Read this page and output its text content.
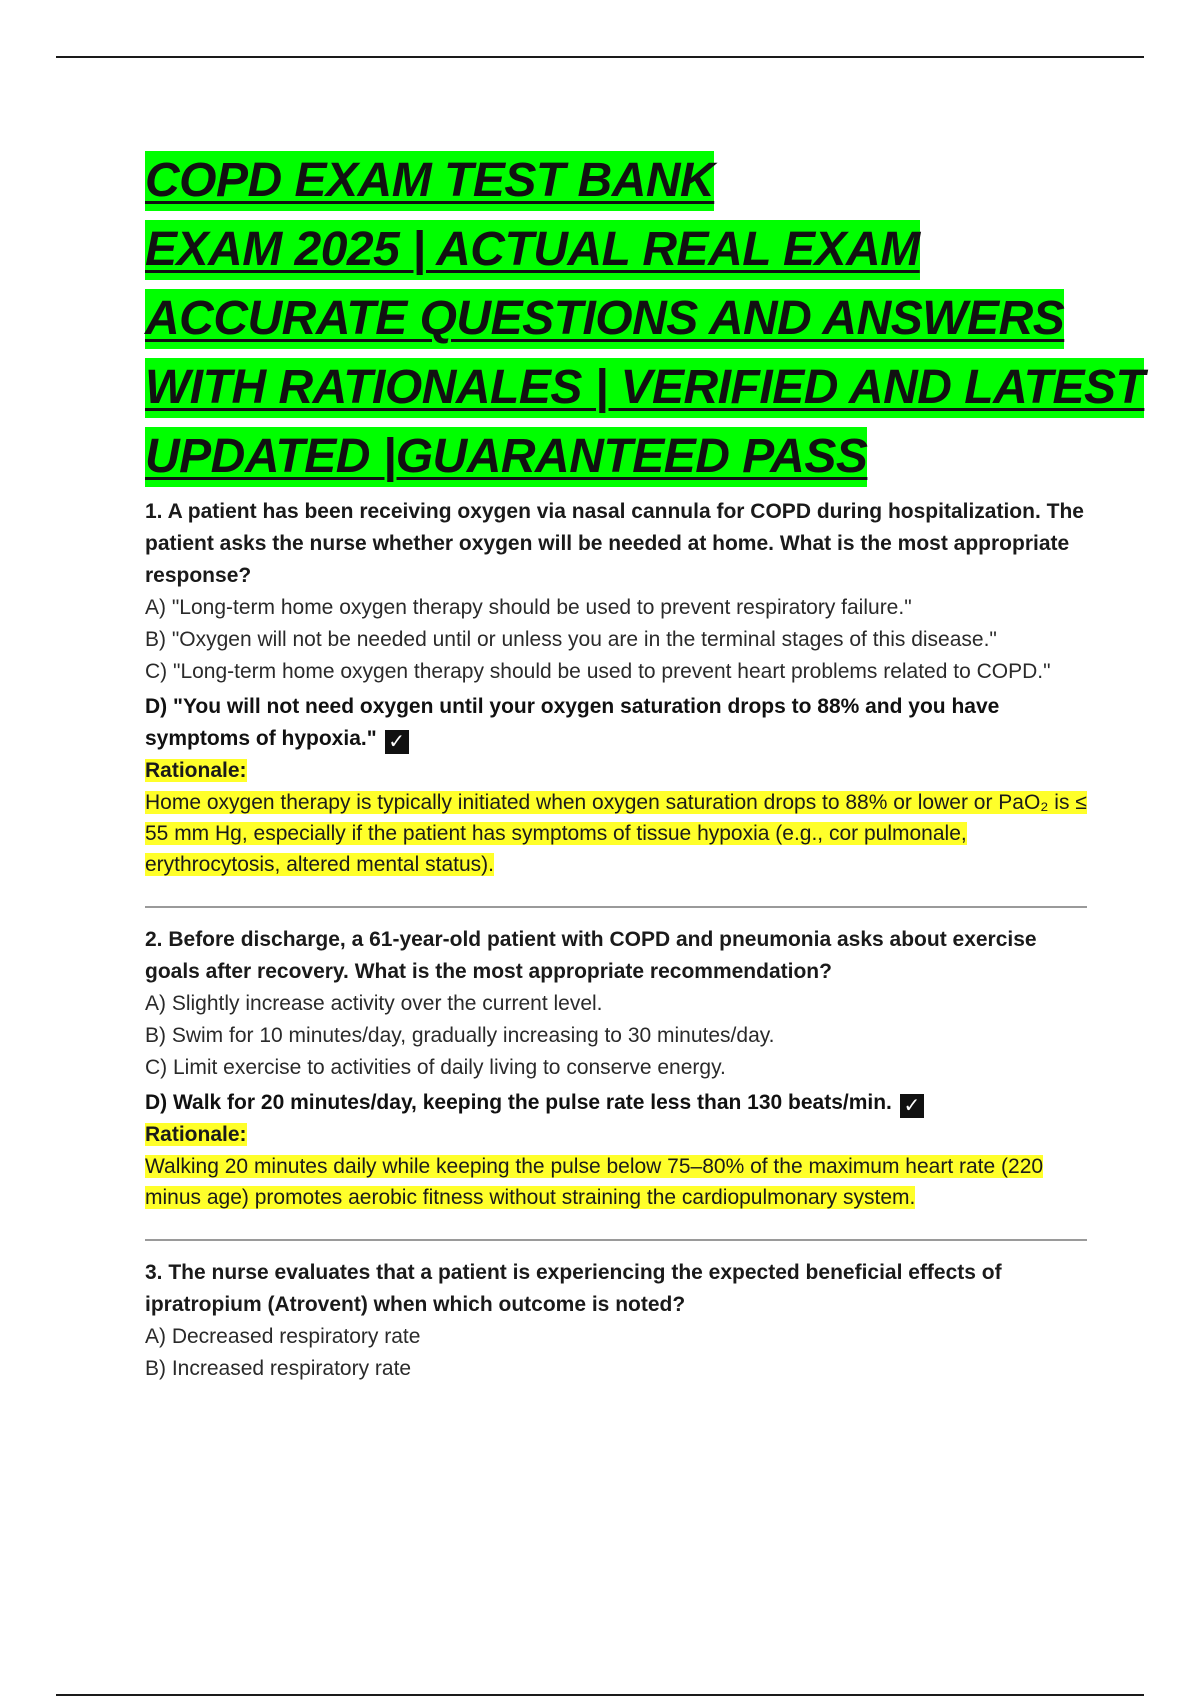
COPD EXAM TEST BANK
EXAM 2025 | ACTUAL REAL EXAM
ACCURATE QUESTIONS AND ANSWERS
WITH RATIONALES | VERIFIED AND LATEST
UPDATED |GUARANTEED PASS

1. A patient has been receiving oxygen via nasal cannula for COPD during hospitalization. The patient asks the nurse whether oxygen will be needed at home. What is the most appropriate response?

A) "Long-term home oxygen therapy should be used to prevent respiratory failure."

B) "Oxygen will not be needed until or unless you are in the terminal stages of this disease."

C) "Long-term home oxygen therapy should be used to prevent heart problems related to COPD."

D) "You will not need oxygen until your oxygen saturation drops to 88% and you have symptoms of hypoxia." ✓

Rationale:

Home oxygen therapy is typically initiated when oxygen saturation drops to 88% or lower or PaO₂ is ≤ 55 mm Hg, especially if the patient has symptoms of tissue hypoxia (e.g., cor pulmonale, erythrocytosis, altered mental status).

2. Before discharge, a 61-year-old patient with COPD and pneumonia asks about exercise goals after recovery. What is the most appropriate recommendation?

A) Slightly increase activity over the current level.

B) Swim for 10 minutes/day, gradually increasing to 30 minutes/day.

C) Limit exercise to activities of daily living to conserve energy.

D) Walk for 20 minutes/day, keeping the pulse rate less than 130 beats/min. ✓

Rationale:

Walking 20 minutes daily while keeping the pulse below 75–80% of the maximum heart rate (220 minus age) promotes aerobic fitness without straining the cardiopulmonary system.

3. The nurse evaluates that a patient is experiencing the expected beneficial effects of ipratropium (Atrovent) when which outcome is noted?

A) Decreased respiratory rate

B) Increased respiratory rate
